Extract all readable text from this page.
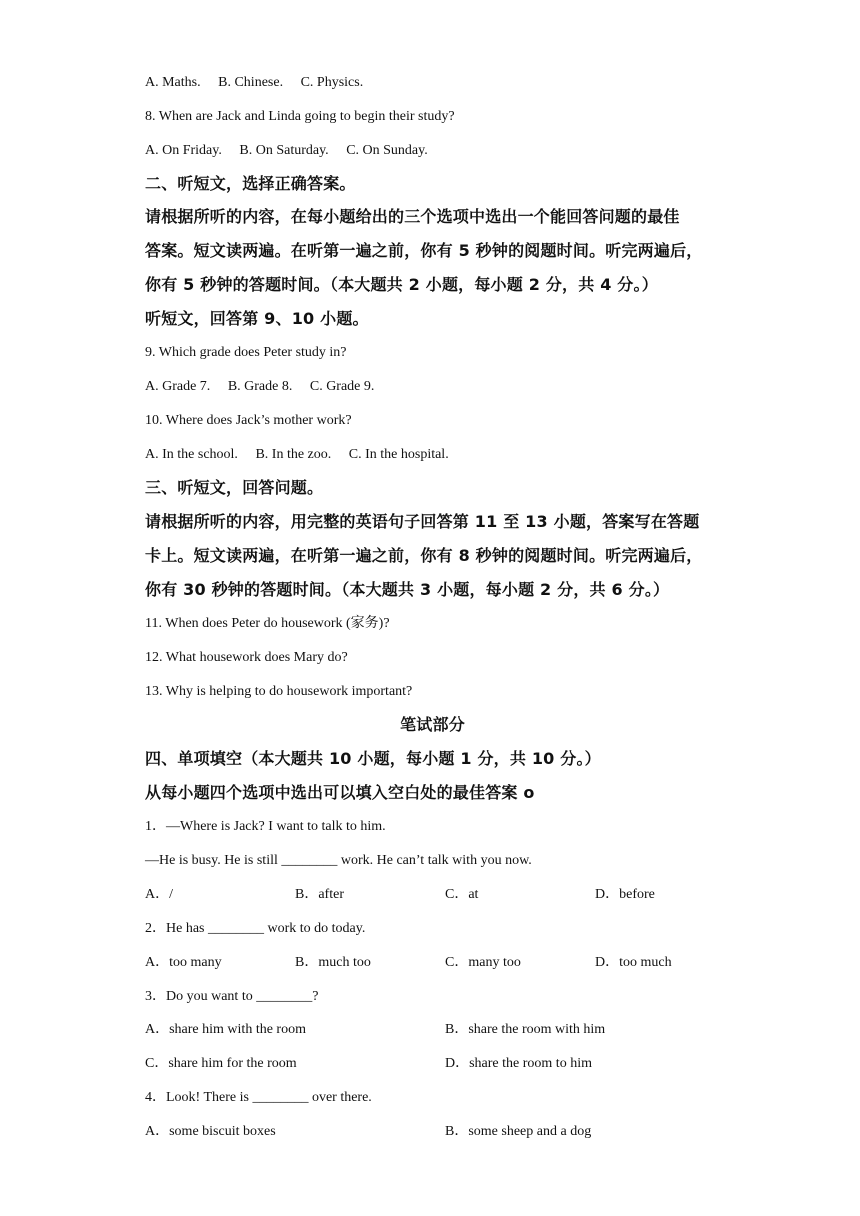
A. Maths. B. Chinese. C. Physics.
8. When are Jack and Linda going to begin their study?
A. On Friday. B. On Saturday. C. On Sunday.
二、听短文，选择正确答案。
请根据所听的内容，在每小题给出的三个选项中选出一个能回答问题的最佳
答案。短文读两遍。在听第一遍之前，你有 5 秒钟的阅题时间。听完两遍后，
你有 5 秒钟的答题时间。（本大题共 2 小题，每小题 2 分，共 4 分。）
听短文，回答第 9、10 小题。
9. Which grade does Peter study in?
A. Grade 7. B. Grade 8. C. Grade 9.
10. Where does Jack’s mother work?
A. In the school. B. In the zoo. C. In the hospital.
三、听短文，回答问题。
请根据所听的内容，用完整的英语句子回答第 11 至 13 小题，答案写在答题
卡上。短文读两遍，在听第一遍之前，你有 8 秒钟的阅题时间。听完两遍后，
你有 30 秒钟的答题时间。（本大题共 3 小题，每小题 2 分，共 6 分。）
11. When does Peter do housework (家务)?
12. What housework does Mary do?
13. Why is helping to do housework important?
笔试部分
四、单项填空（本大题共 10 小题，每小题 1 分，共 10 分。）
从每小题四个选项中选出可以填入空白处的最佳答案 o
1．—Where is Jack? I want to talk to him.
—He is busy. He is still ________ work. He can’t talk with you now.
A．/	B．after	C．at	D．before
2．He has ________ work to do today.
A．too many	B．much too	C．many too	D．too much
3．Do you want to ________?
A．share him with the room	B．share the room with him
C．share him for the room	D．share the room to him
4．Look! There is ________ over there.
A．some biscuit boxes	B．some sheep and a dog
